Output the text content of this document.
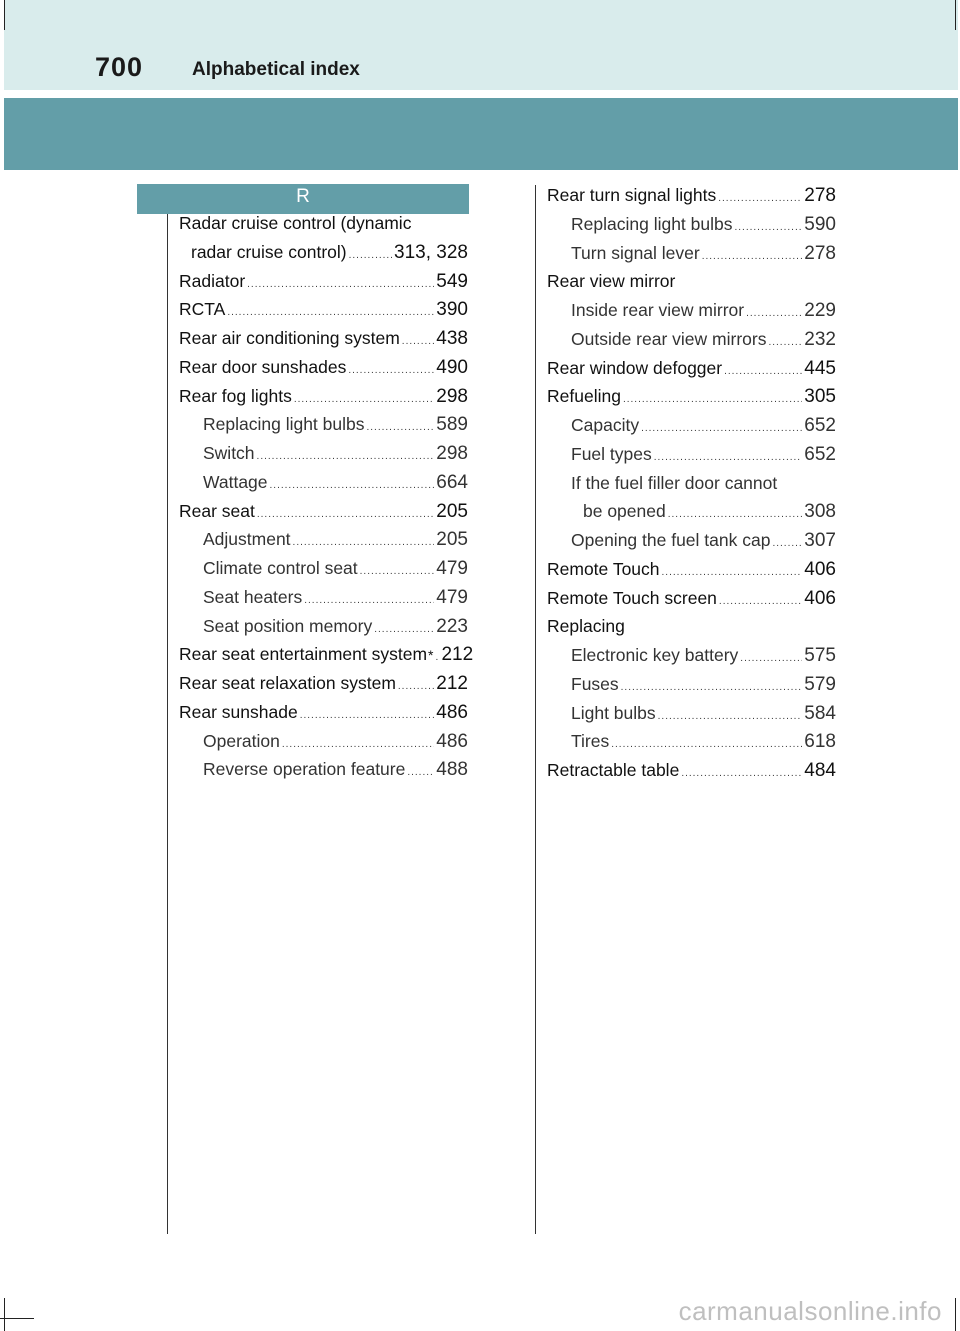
700	Alphabetical index
R
Radar cruise control (dynamic
radar cruise control) ..... 313, 328
Radiator .....	549
RCTA .....	390
Rear air conditioning system ..... 438
Rear door sunshades .....	490
Rear fog lights .....	298
Replacing light bulbs .....	589
Switch .....	298
Wattage .....	664
Rear seat .....	205
Adjustment .....	205
Climate control seat .....	479
Seat heaters .....	479
Seat position memory .....	223
Rear seat entertainment system * ..... 212
Rear seat relaxation system ..... 212
Rear sunshade .....	486
Operation .....	486
Reverse operation feature ..... 488
Rear turn signal lights .....	278
Replacing light bulbs .....	590
Turn signal lever .....	278
Rear view mirror
Inside rear view mirror .....	229
Outside rear view mirrors ..... 232
Rear window defogger .....	445
Refueling .....	305
Capacity .....	652
Fuel types .....	652
If the fuel filler door cannot
be opened .....	308
Opening the fuel tank cap ..... 307
Remote Touch .....	406
Remote Touch screen .....	406
Replacing
Electronic key battery .....	575
Fuses .....	579
Light bulbs .....	584
Tires .....	618
Retractable table .....	484
carmanualsonline.info
